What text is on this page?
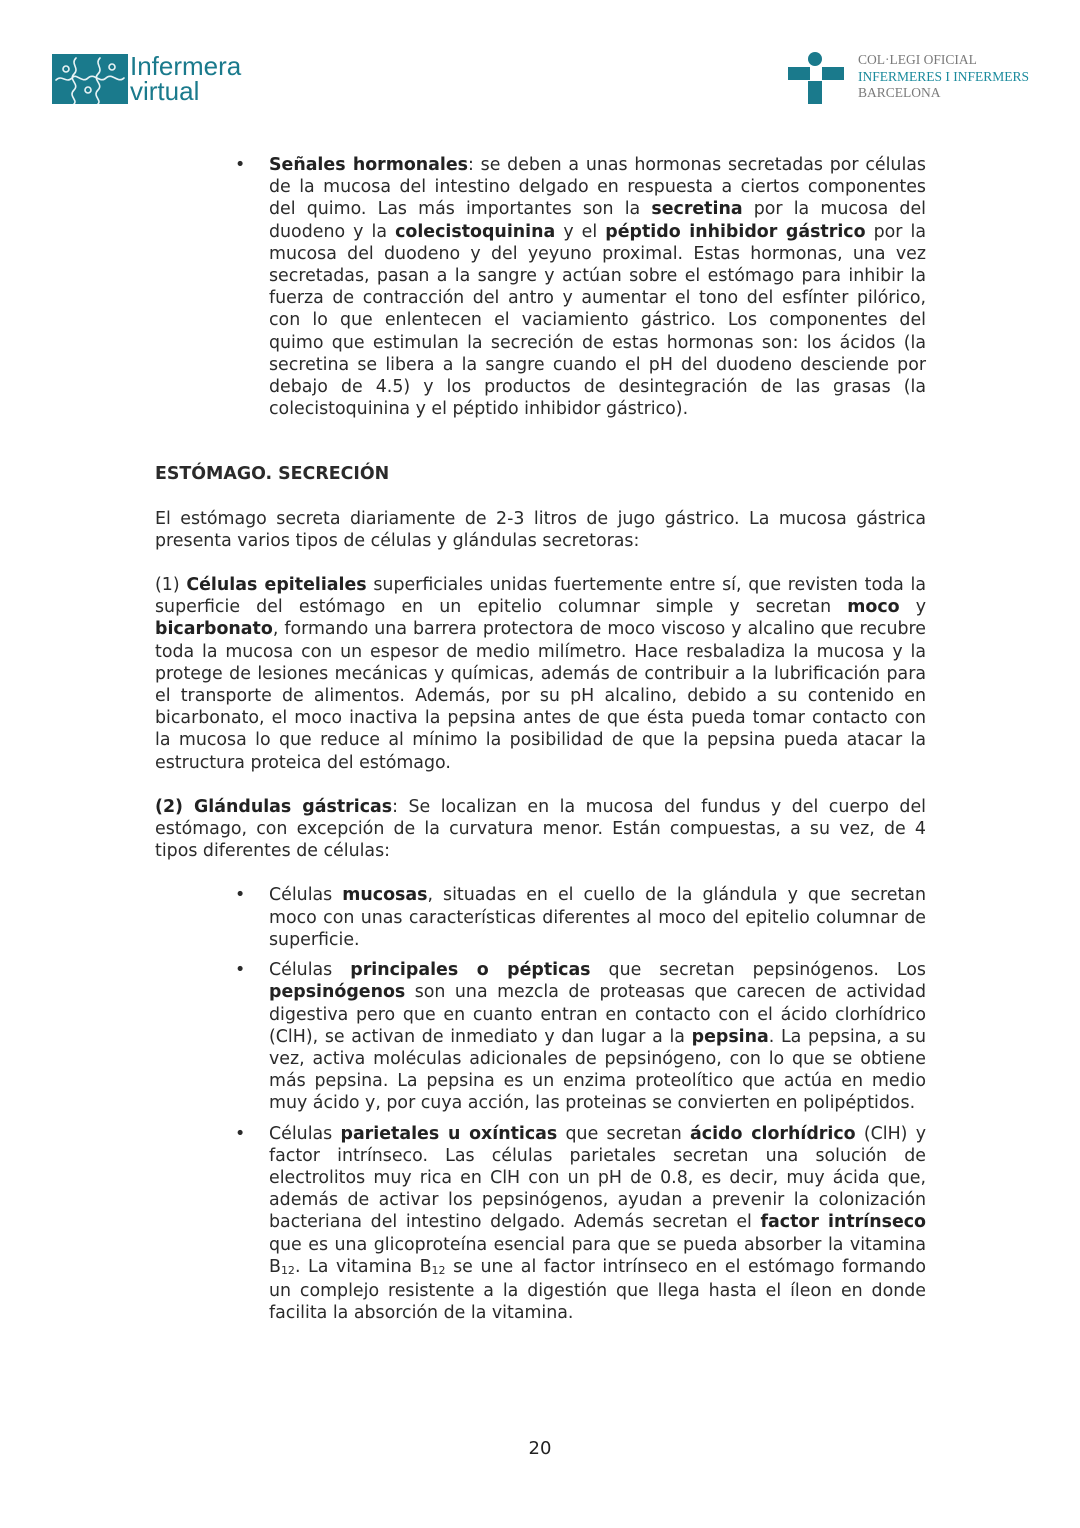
Infermera
virtual
COL·LEGI OFICIAL
INFERMERES I INFERMERS
BARCELONA
• Señales hormonales: se deben a unas hormonas secretadas por células de la mucosa del intestino delgado en respuesta a ciertos componentes del quimo. Las más importantes son la secretina por la mucosa del duodeno y la colecistoquinina y el péptido inhibidor gástrico por la mucosa del duodeno y del yeyuno proximal. Estas hormonas, una vez secretadas, pasan a la sangre y actúan sobre el estómago para inhibir la fuerza de contracción del antro y aumentar el tono del esfínter pilórico, con lo que enlentecen el vaciamiento gástrico. Los componentes del quimo que estimulan la secreción de estas hormonas son: los ácidos (la secretina se libera a la sangre cuando el pH del duodeno desciende por debajo de 4.5) y los productos de desintegración de las grasas (la colecistoquinina y el péptido inhibidor gástrico).

ESTÓMAGO. SECRECIÓN

El estómago secreta diariamente de 2-3 litros de jugo gástrico. La mucosa gástrica presenta varios tipos de células y glándulas secretoras:

(1) Células epiteliales superficiales unidas fuertemente entre sí, que revisten toda la superficie del estómago en un epitelio columnar simple y secretan moco y bicarbonato, formando una barrera protectora de moco viscoso y alcalino que recubre toda la mucosa con un espesor de medio milímetro. Hace resbaladiza la mucosa y la protege de lesiones mecánicas y químicas, además de contribuir a la lubrificación para el transporte de alimentos. Además, por su pH alcalino, debido a su contenido en bicarbonato, el moco inactiva la pepsina antes de que ésta pueda tomar contacto con la mucosa lo que reduce al mínimo la posibilidad de que la pepsina pueda atacar la estructura proteica del estómago.

(2) Glándulas gástricas: Se localizan en la mucosa del fundus y del cuerpo del estómago, con excepción de la curvatura menor. Están compuestas, a su vez, de 4 tipos diferentes de células:

• Células mucosas, situadas en el cuello de la glándula y que secretan moco con unas características diferentes al moco del epitelio columnar de superficie.

• Células principales o pépticas que secretan pepsinógenos. Los pepsinógenos son una mezcla de proteasas que carecen de actividad digestiva pero que en cuanto entran en contacto con el ácido clorhídrico (ClH), se activan de inmediato y dan lugar a la pepsina. La pepsina, a su vez, activa moléculas adicionales de pepsinógeno, con lo que se obtiene más pepsina. La pepsina es un enzima proteolítico que actúa en medio muy ácido y, por cuya acción, las proteinas se convierten en polipéptidos.

• Células parietales u oxínticas que secretan ácido clorhídrico (ClH) y factor intrínseco. Las células parietales secretan una solución de electrolitos muy rica en ClH con un pH de 0.8, es decir, muy ácida que, además de activar los pepsinógenos, ayudan a prevenir la colonización bacteriana del intestino delgado. Además secretan el factor intrínseco que es una glicoproteína esencial para que se pueda absorber la vitamina $B_{12}$. La vitamina $B_{12}$ se une al factor intrínseco en el estómago formando un complejo resistente a la digestión que llega hasta el íleon en donde facilita la absorción de la vitamina.

20
